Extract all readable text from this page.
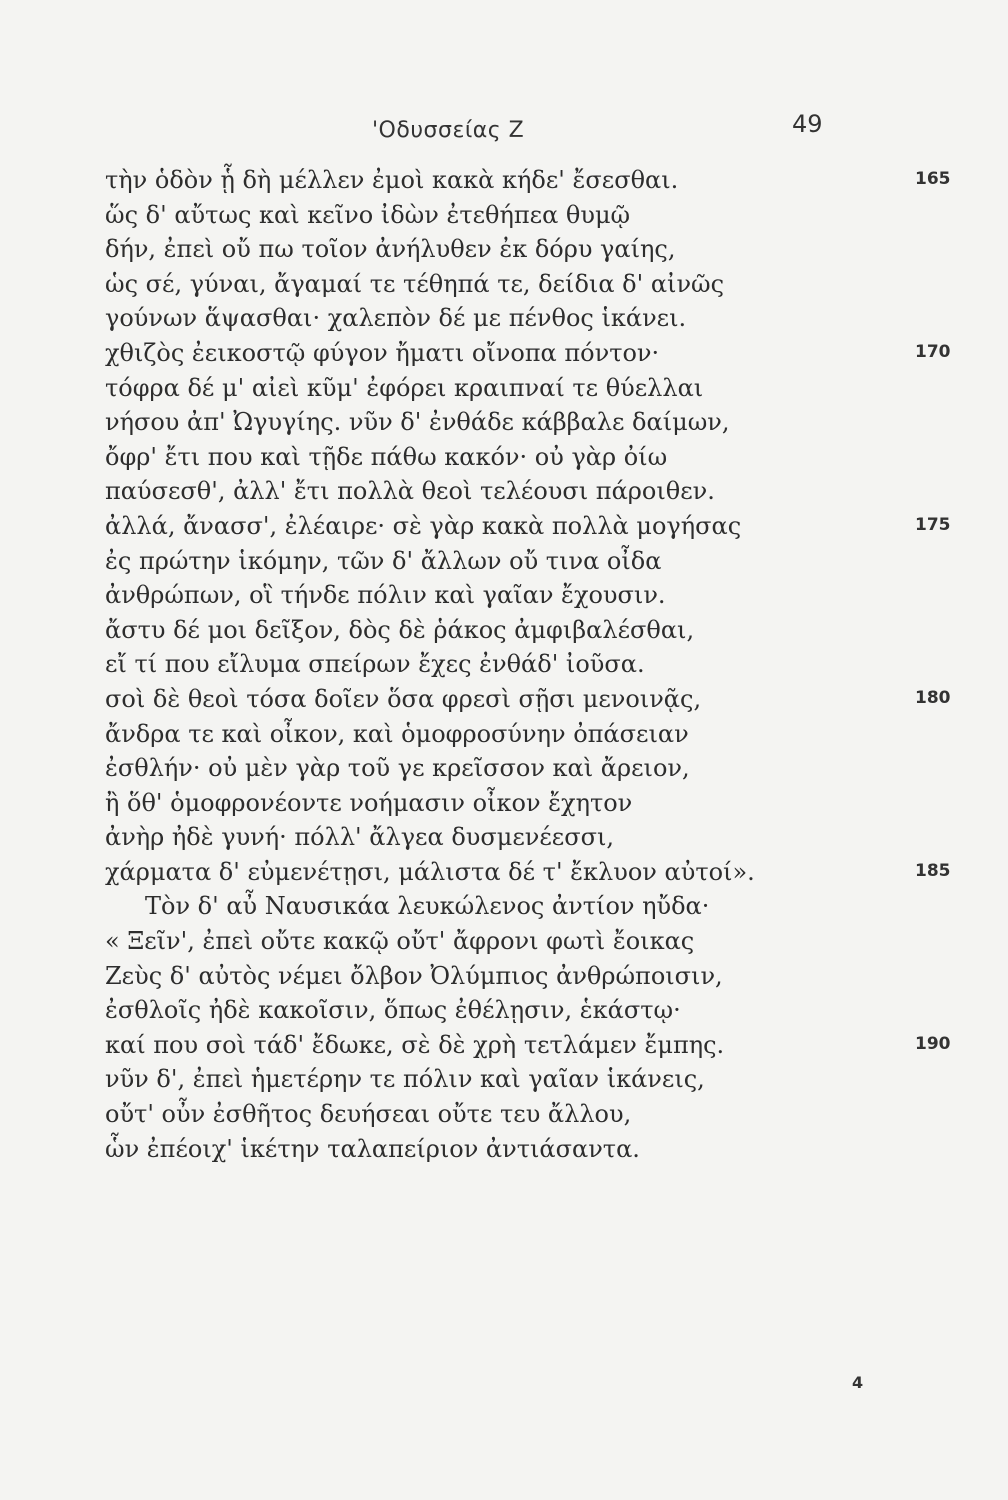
'Οδυσσείας Ζ	49
τὴν ὁδὸν ᾗ δὴ μέλλεν ἐμοὶ κακὰ κήδε' ἔσεσθαι.
ὥς δ' αὔτως καὶ κεῖνο ἰδὼν ἐτεθήπεα θυμῷ
δήν, ἐπεὶ οὔ πω τοῖον ἀνήλυθεν ἐκ δόρυ γαίης,
ὡς σέ, γύναι, ἄγαμαί τε τέθηπά τε, δείδια δ' αἰνῶς
γούνων ἅψασθαι· χαλεπὸν δέ με πένθος ἱκάνει.
χθιζὸς ἐεικοστῷ φύγον ἤματι οἴνοπα πόντον·
τόφρα δέ μ' αἰεὶ κῦμ' ἐφόρει κραιπναί τε θύελλαι
νήσου ἀπ' Ὠγυγίης. νῦν δ' ἐνθάδε κάββαλε δαίμων,
ὄφρ' ἔτι που καὶ τῇδε πάθω κακόν· οὐ γὰρ ὀίω
παύσεσθ', ἀλλ' ἔτι πολλὰ θεοὶ τελέουσι πάροιθεν.
ἀλλά, ἄνασσ', ἐλέαιρε· σὲ γὰρ κακὰ πολλὰ μογήσας
ἐς πρώτην ἱκόμην, τῶν δ' ἄλλων οὔ τινα οἶδα
ἀνθρώπων, οἳ τήνδε πόλιν καὶ γαῖαν ἔχουσιν.
ἄστυ δέ μοι δεῖξον, δὸς δὲ ῥάκος ἀμφιβαλέσθαι,
εἴ τί που εἴλυμα σπείρων ἔχες ἐνθάδ' ἰοῦσα.
σοὶ δὲ θεοὶ τόσα δοῖεν ὅσα φρεσὶ σῇσι μενοινᾷς,
ἄνδρα τε καὶ οἶκον, καὶ ὁμοφροσύνην ὀπάσειαν
ἐσθλήν· οὐ μὲν γὰρ τοῦ γε κρεῖσσον καὶ ἄρειον,
ἢ ὅθ' ὁμοφρονέοντε νοήμασιν οἶκον ἔχητον
ἀνὴρ ἠδὲ γυνή· πόλλ' ἄλγεα δυσμενέεσσι,
χάρματα δ' εὐμενέτῃσι, μάλιστα δέ τ' ἔκλυον αὐτοί».
Τὸν δ' αὖ Ναυσικάα λευκώλενος ἀντίον ηὔδα·
« Ξεῖν', ἐπεὶ οὔτε κακῷ οὔτ' ἄφρονι φωτὶ ἔοικας
Ζεὺς δ' αὐτὸς νέμει ὄλβον Ὀλύμπιος ἀνθρώποισιν,
ἐσθλοῖς ἠδὲ κακοῖσιν, ὅπως ἐθέλῃσιν, ἑκάστῳ·
καί που σοὶ τάδ' ἔδωκε, σὲ δὲ χρὴ τετλάμεν ἔμπης.
νῦν δ', ἐπεὶ ἡμετέρην τε πόλιν καὶ γαῖαν ἱκάνεις,
οὔτ' οὖν ἐσθῆτος δευήσεαι οὔτε τευ ἄλλου,
ὧν ἐπέοιχ' ἱκέτην ταλαπείριον ἀντιάσαντα.
165
170
175
180
185
190
4
